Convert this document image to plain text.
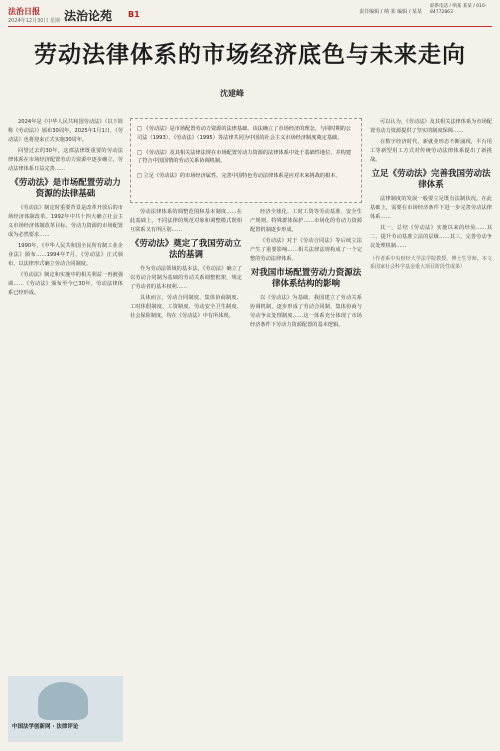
法治日报
2024年12月30日 星期一
法治论苑 B1	责任编辑 / 纳 某 编辑 / 某某
联系电话 / 纳某 某某 / 010-84772863
劳动法律体系的市场经济底色与未来走向
沈建峰

2024年是《中华人民共和国劳动法》（以下简称《劳动法》）颁布30周年。2025年1月1日，《劳动法》也将迎来正式实施30周年。

回望过去的30年，这部法律既重要的劳动法律体系在市场经济配置劳动力资源中逐步确立，劳动法律体系日益完善……

《劳动法》是市场配置劳动力资源的法律基础

《劳动法》制定时重要背景是改革开放后的市场经济体制改革。1992年中共十四大确立社会主义市场经济体制改革目标，劳动力资源的市场配置成为必然要求……

1990年，《中华人民共和国全民所有制工业企业法》颁布……1994年7月，《劳动法》正式颁布，以法律形式确立劳动合同制度。

《劳动法》制定和实施中的相关利益一再被强调……《劳动法》颁布至今已30年，劳动法律体系已经形成。

□ 《劳动法》是市场配置劳动力资源的法律基础。该法确立了市场经济的理念，与同时期的公司法（1993）、《劳动法》（1995）等法律共同为中国的社会主义市场经济制度奠定基础。

□ 《劳动法》及其相关法律法规在市场配置劳动力资源的法律体系中处于基础性地位，并构建了符合中国国情的劳动关系协调机制。

□ 立足《劳动法》的市场经济属性，完善中国特色劳动法律体系是应对未来挑战的根本。

劳动法律体系的调整范围和基本制度……在此基础上，不同法律的规范对象和调整模式既相互联系又有所区别……

《劳动法》奠定了我国劳动立法的基调

作为劳动法领域的基本法，《劳动法》确立了以劳动合同制为基础的劳动关系调整框架，规定了劳动者的基本权利……

具体而言，劳动合同制度、集体协商制度、工时休假制度、工资制度、劳动安全卫生制度、社会保险制度，均在《劳动法》中有所体现。

经济全球化、工时工资等劳动基准、安全生产规则、特殊群体保护……市场化的劳动力资源配置机制逐步形成。

《劳动法》对于《劳动合同法》等后续立法产生了重要影响……相关法律法规构成了一个完整的劳动法律体系。

对我国市场配置劳动力资源法律体系结构的影响

以《劳动法》为基础，我国建立了劳动关系协调机制，逐步形成了劳动合同制、集体协商与劳动争议处理制度……这一体系充分体现了市场经济条件下劳动力资源配置的基本逻辑。

可以认为，《劳动法》及其相关法律体系为市场配置劳动力资源提供了坚实的制度保障……

在数字经济时代，新就业形态不断涌现，平台用工等新型用工方式对传统劳动法律体系提出了新挑战。

立足《劳动法》完善我国劳动法律体系

法律制度的发展一般要立足既有法制状况。在此基础上，需要在市场经济条件下进一步完善劳动法律体系……

其一，总结《劳动法》实施以来的经验……其二，提升劳动基准立法的层级……其三，完善劳动争议处理机制……

（作者系中央财经大学法学院教授、博士生导师。本文系国家社会科学基金重大项目阶段性成果）
中国法学创新网 · 法律评论
